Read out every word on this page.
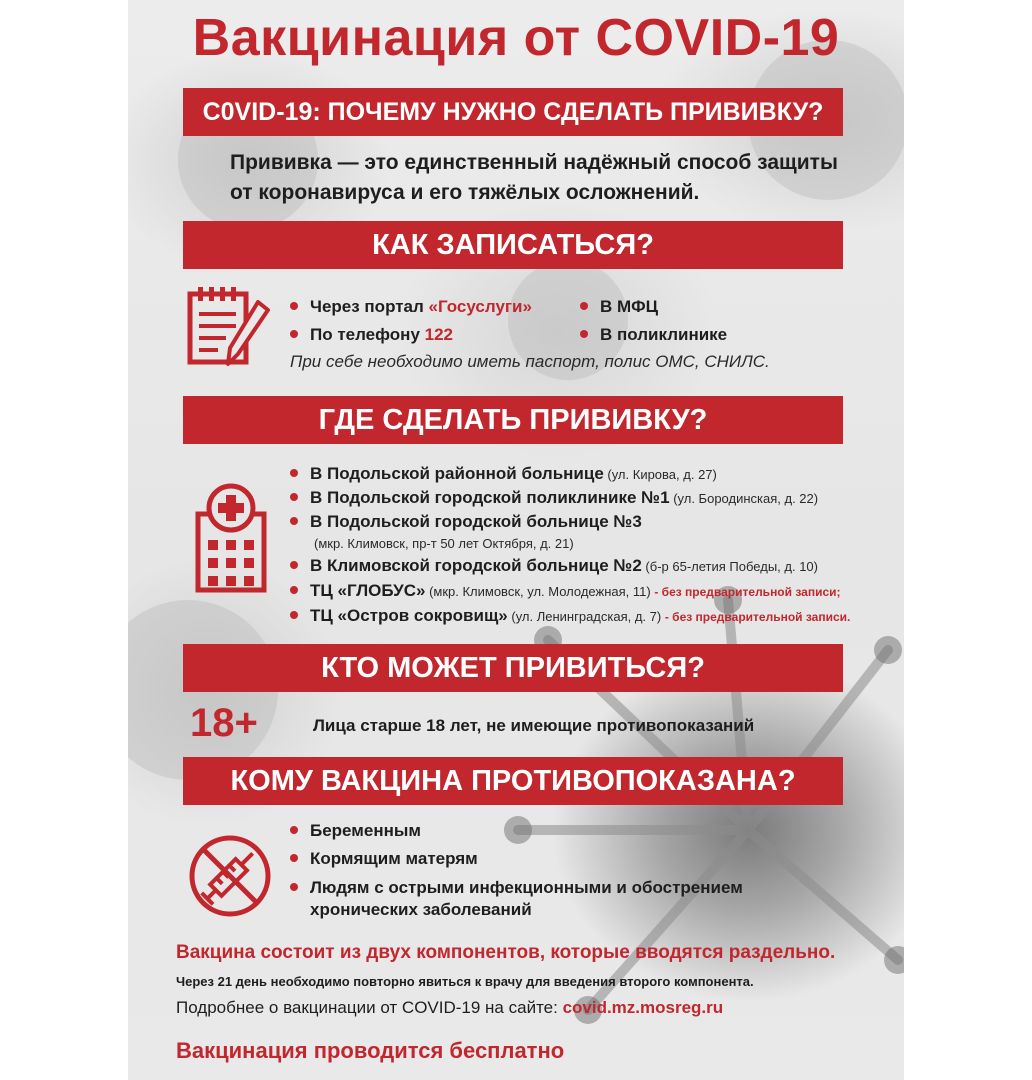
Вакцинация от COVID-19
C0VID-19: ПОЧЕМУ НУЖНО СДЕЛАТЬ ПРИВИВКУ?
Прививка — это единственный надёжный способ защиты
от коронавируса и его тяжёлых осложнений.
КАК ЗАПИСАТЬСЯ?
Через портал «Госуслуги»
По телефону 122
В МФЦ
В поликлинике
При себе необходимо иметь паспорт, полис ОМС, СНИЛС.
ГДЕ СДЕЛАТЬ ПРИВИВКУ?
В Подольской районной больнице (ул. Кирова, д. 27)
В Подольской городской поликлинике №1 (ул. Бородинская, д. 22)
В Подольской городской больнице №3
(мкр. Климовск, пр-т 50 лет Октября, д. 21)
В Климовской городской больнице №2 (б-р 65-летия Победы, д. 10)
ТЦ «ГЛОБУС» (мкр. Климовск, ул. Молодежная, 11) - без предварительной записи;
ТЦ «Остров сокровищ» (ул. Ленинградская, д. 7) - без предварительной записи.
КТО МОЖЕТ ПРИВИТЬСЯ?
18+	Лица старше 18 лет, не имеющие противопоказаний
КОМУ ВАКЦИНА ПРОТИВОПОКАЗАНА?
Беременным
Кормящим матерям
Людям с острыми инфекционными и обострением
хронических заболеваний
Вакцина состоит из двух компонентов, которые вводятся раздельно.
Через 21 день необходимо повторно явиться к врачу для введения второго компонента.
Подробнее о вакцинации от COVID-19 на сайте: covid.mz.mosreg.ru
Вакцинация проводится бесплатно
